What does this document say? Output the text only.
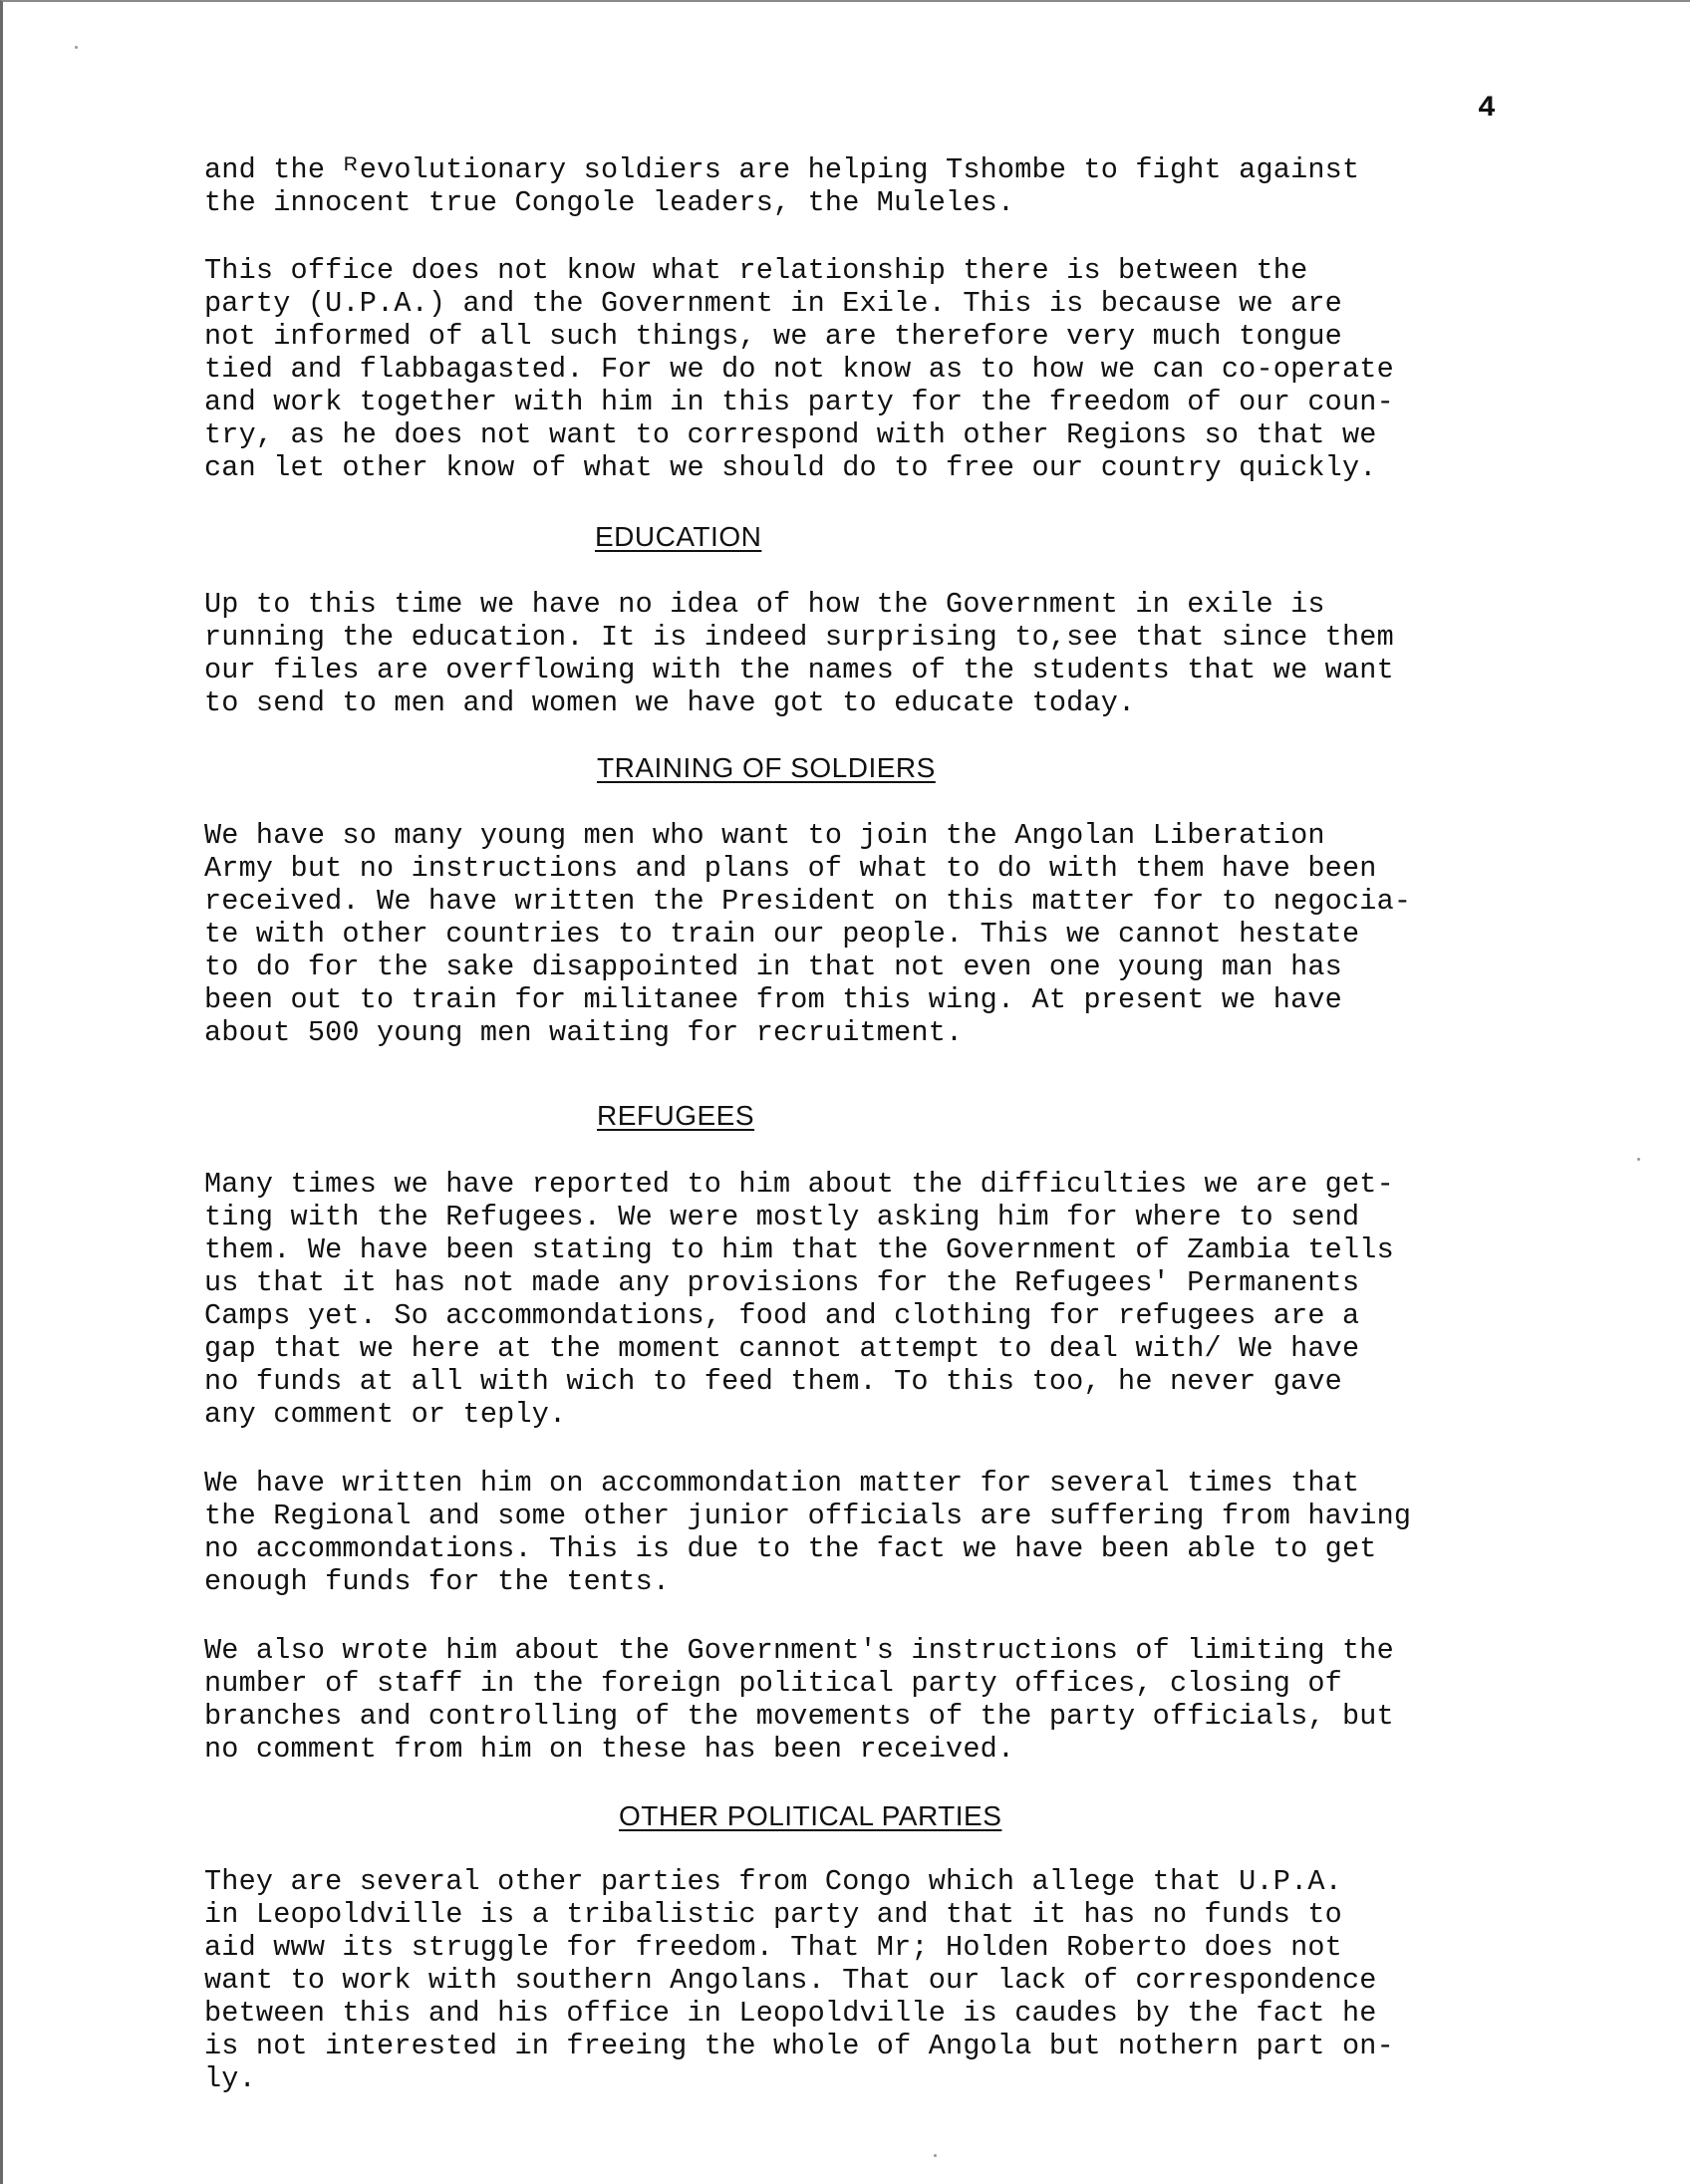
4

and the ᴿevolutionary soldiers are helping Tshombe to fight against
the innocent true Congole leaders, the Muleles.

This office does not know what relationship there is between the
party (U.P.A.) and the Government in Exile. This is because we are
not informed of all such things, we are therefore very much tongue
tied and flabbagasted. For we do not know as to how we can co-operate
and work together with him in this party for the freedom of our coun-
try, as he does not want to correspond with other Regions so that we
can let other know of what we should do to free our country quickly.

EDUCATION

Up to this time we have no idea of how the Government in exile is
running the education. It is indeed surprising to,see that since them
our files are overflowing with the names of the students that we want
to send to men and women we have got to educate today.

TRAINING OF SOLDIERS

We have so many young men who want to join the Angolan Liberation
Army but no instructions and plans of what to do with them have been
received. We have written the President on this matter for to negocia-
te with other countries to train our people. This we cannot hestate
to do for the sake disappointed in that not even one young man has
been out to train for militanee from this wing. At present we have
about 500 young men waiting for recruitment.

REFUGEES

Many times we have reported to him about the difficulties we are get-
ting with the Refugees. We were mostly asking him for where to send
them. We have been stating to him that the Government of Zambia tells
us that it has not made any provisions for the Refugees' Permanents
Camps yet. So accommondations, food and clothing for refugees are a
gap that we here at the moment cannot attempt to deal with/ We have
no funds at all with wich to feed them. To this too, he never gave
any comment or teply.

We have written him on accommondation matter for several times that
the Regional and some other junior officials are suffering from having
no accommondations. This is due to the fact we have been able to get
enough funds for the tents.

We also wrote him about the Government's instructions of limiting the
number of staff in the foreign political party offices, closing of
branches and controlling of the movements of the party officials, but
no comment from him on these has been received.

OTHER POLITICAL PARTIES

They are several other parties from Congo which allege that U.P.A.
in Leopoldville is a tribalistic party and that it has no funds to
aid www its struggle for freedom. That Mr; Holden Roberto does not
want to work with southern Angolans. That our lack of correspondence
between this and his office in Leopoldville is caudes by the fact he
is not interested in freeing the whole of Angola but nothern part on-
ly.
